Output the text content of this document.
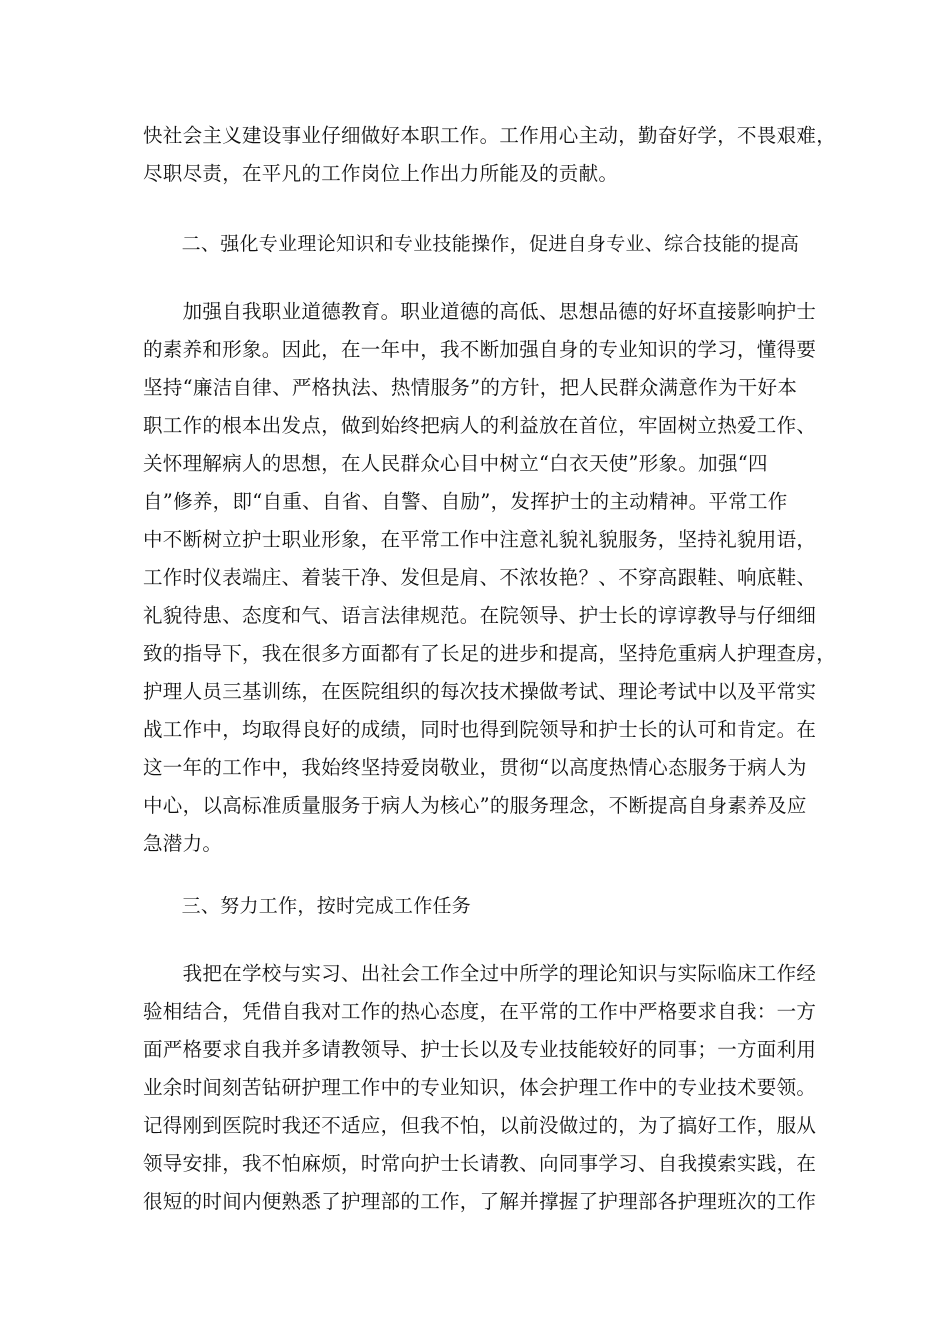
快社会主义建设事业仔细做好本职工作。工作用心主动，勤奋好学，不畏艰难，
尽职尽责，在平凡的工作岗位上作出力所能及的贡献。
　　二、强化专业理论知识和专业技能操作，促进自身专业、综合技能的提高
　　加强自我职业道德教育。职业道德的高低、思想品德的好坏直接影响护士
的素养和形象。因此，在一年中，我不断加强自身的专业知识的学习，懂得要
坚持“廉洁自律、严格执法、热情服务”的方针，把人民群众满意作为干好本
职工作的根本出发点，做到始终把病人的利益放在首位，牢固树立热爱工作、
关怀理解病人的思想，在人民群众心目中树立“白衣天使”形象。加强“四
自”修养，即“自重、自省、自警、自励”，发挥护士的主动精神。平常工作
中不断树立护士职业形象，在平常工作中注意礼貌礼貌服务，坚持礼貌用语，
工作时仪表端庄、着装干净、发但是肩、不浓妆艳？、不穿高跟鞋、响底鞋、
礼貌待患、态度和气、语言法律规范。在院领导、护士长的谆谆教导与仔细细
致的指导下，我在很多方面都有了长足的进步和提高，坚持危重病人护理查房，
护理人员三基训练，在医院组织的每次技术操做考试、理论考试中以及平常实
战工作中，均取得良好的成绩，同时也得到院领导和护士长的认可和肯定。在
这一年的工作中，我始终坚持爱岗敬业，贯彻“以高度热情心态服务于病人为
中心，以高标准质量服务于病人为核心”的服务理念，不断提高自身素养及应
急潜力。
　　三、努力工作，按时完成工作任务
　　我把在学校与实习、出社会工作全过中所学的理论知识与实际临床工作经
验相结合，凭借自我对工作的热心态度，在平常的工作中严格要求自我：一方
面严格要求自我并多请教领导、护士长以及专业技能较好的同事；一方面利用
业余时间刻苦钻研护理工作中的专业知识，体会护理工作中的专业技术要领。
记得刚到医院时我还不适应，但我不怕，以前没做过的，为了搞好工作，服从
领导安排，我不怕麻烦，时常向护士长请教、向同事学习、自我摸索实践，在
很短的时间内便熟悉了护理部的工作，了解并撑握了护理部各护理班次的工作
